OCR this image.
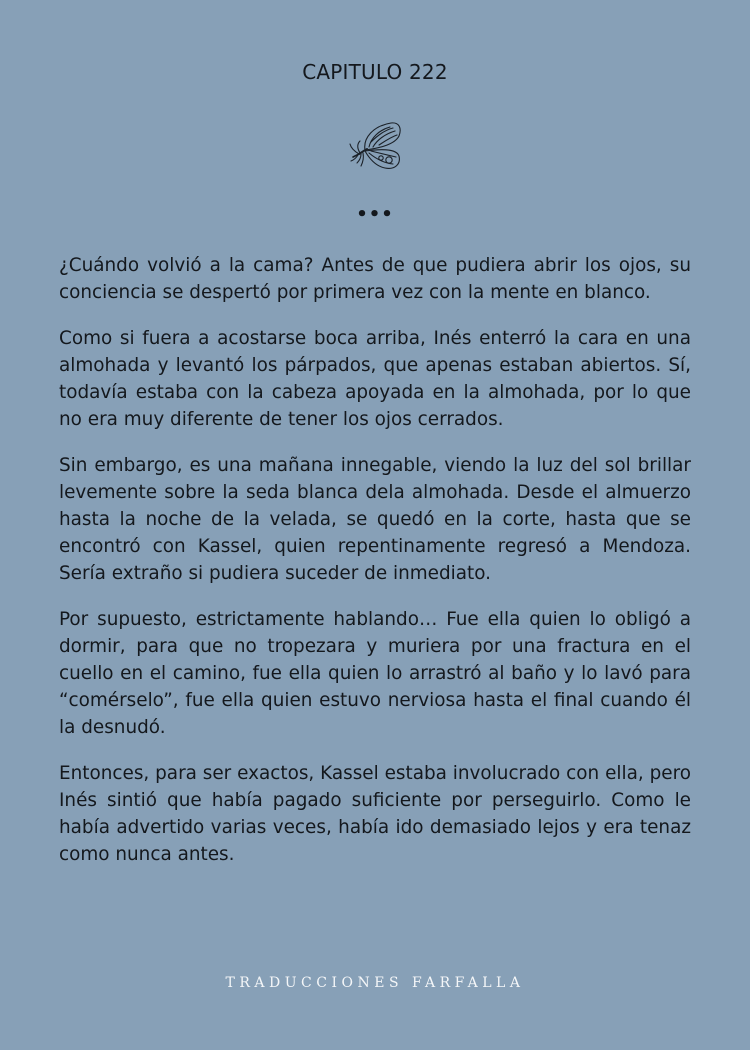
CAPITULO 222
•••

¿Cuándo volvió a la cama? Antes de que pudiera abrir los ojos, su conciencia se despertó por primera vez con la mente en blanco.

Como si fuera a acostarse boca arriba, Inés enterró la cara en una almohada y levantó los párpados, que apenas estaban abiertos. Sí, todavía estaba con la cabeza apoyada en la almohada, por lo que no era muy diferente de tener los ojos cerrados.

Sin embargo, es una mañana innegable, viendo la luz del sol brillar levemente sobre la seda blanca dela almohada. Desde el almuerzo hasta la noche de la velada, se quedó en la corte, hasta que se encontró con Kassel, quien repentinamente regresó a Mendoza. Sería extraño si pudiera suceder de inmediato.

Por supuesto, estrictamente hablando… Fue ella quien lo obligó a dormir, para que no tropezara y muriera por una fractura en el cuello en el camino, fue ella quien lo arrastró al baño y lo lavó para “comérselo”, fue ella quien estuvo nerviosa hasta el final cuando él la desnudó.

Entonces, para ser exactos, Kassel estaba involucrado con ella, pero Inés sintió que había pagado suficiente por perseguirlo. Como le había advertido varias veces, había ido demasiado lejos y era tenaz como nunca antes.

TRADUCCIONES FARFALLA
